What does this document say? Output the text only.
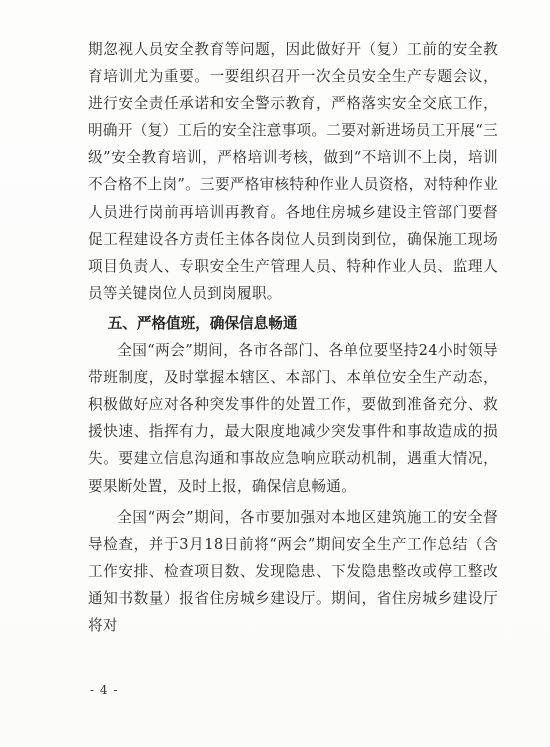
期忽视人员安全教育等问题，因此做好开（复）工前的安全教育培训尤为重要。一要组织召开一次全员安全生产专题会议，进行安全责任承诺和安全警示教育，严格落实安全交底工作，明确开（复）工后的安全注意事项。二要对新进场员工开展“三级”安全教育培训，严格培训考核，做到“不培训不上岗，培训不合格不上岗”。三要严格审核特种作业人员资格，对特种作业人员进行岗前再培训再教育。各地住房城乡建设主管部门要督促工程建设各方责任主体各岗位人员到岗到位，确保施工现场项目负责人、专职安全生产管理人员、特种作业人员、监理人员等关键岗位人员到岗履职。

五、严格值班，确保信息畅通

全国“两会”期间，各市各部门、各单位要坚持24小时领导带班制度，及时掌握本辖区、本部门、本单位安全生产动态，积极做好应对各种突发事件的处置工作，要做到准备充分、救援快速、指挥有力，最大限度地减少突发事件和事故造成的损失。要建立信息沟通和事故应急响应联动机制，遇重大情况，要果断处置，及时上报，确保信息畅通。

全国“两会”期间，各市要加强对本地区建筑施工的安全督导检查，并于3月18日前将“两会”期间安全生产工作总结（含工作安排、检查项目数、发现隐患、下发隐患整改或停工整改通知书数量）报省住房城乡建设厅。期间，省住房城乡建设厅将对

- 4 -
